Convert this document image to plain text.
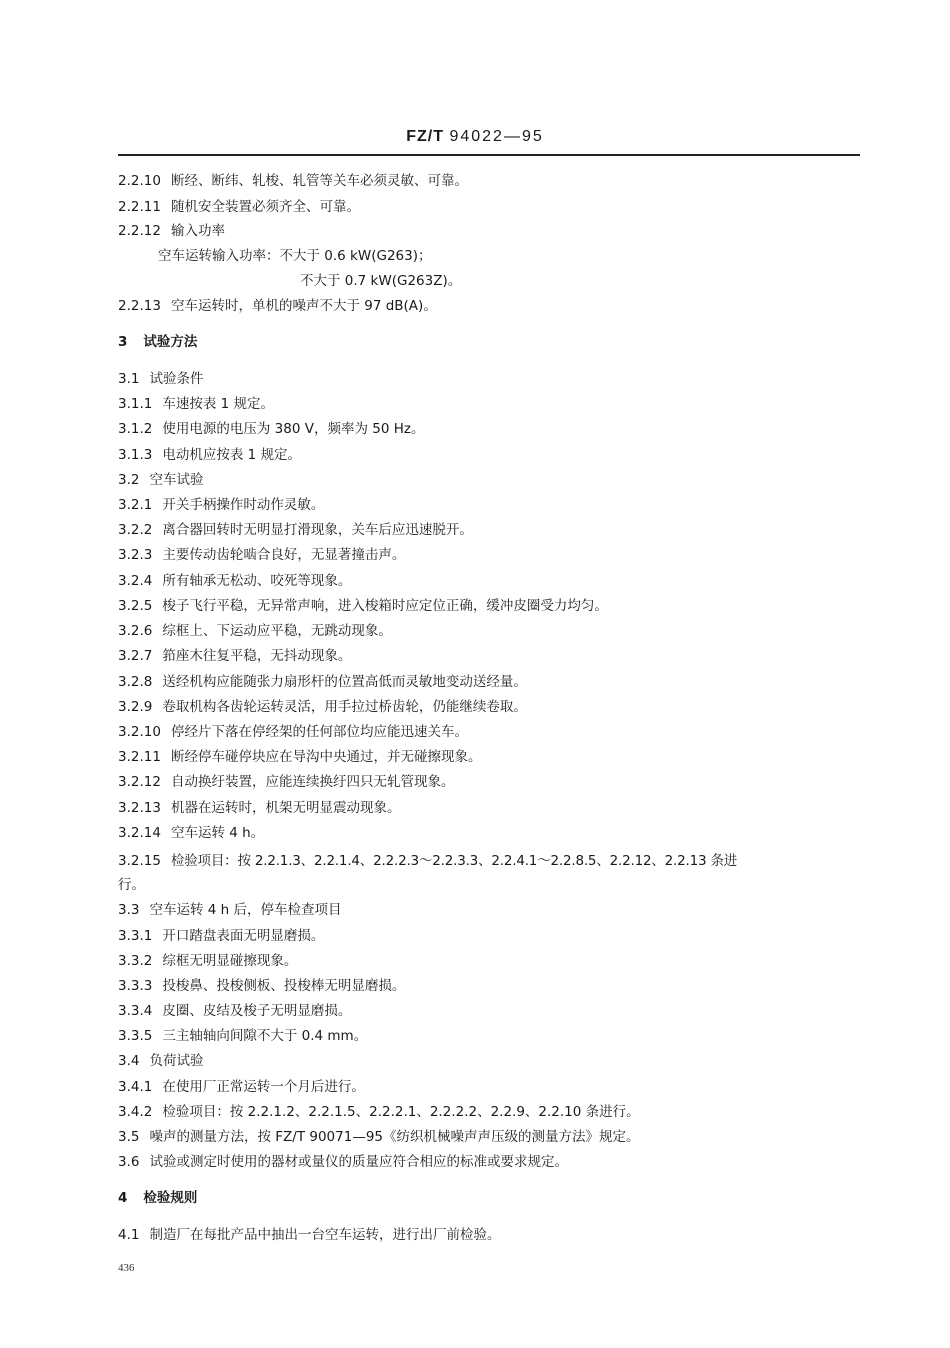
FZ/T 94022—95
2.2.10 断经、断纬、轧梭、轧管等关车必须灵敏、可靠。
2.2.11 随机安全装置必须齐全、可靠。
2.2.12 输入功率
空车运转输入功率：不大于 0.6 kW(G263)；
不大于 0.7 kW(G263Z)。
2.2.13 空车运转时，单机的噪声不大于 97 dB(A)。
3 试验方法
3.1 试验条件
3.1.1 车速按表 1 规定。
3.1.2 使用电源的电压为 380 V，频率为 50 Hz。
3.1.3 电动机应按表 1 规定。
3.2 空车试验
3.2.1 开关手柄操作时动作灵敏。
3.2.2 离合器回转时无明显打滑现象，关车后应迅速脱开。
3.2.3 主要传动齿轮啮合良好，无显著撞击声。
3.2.4 所有轴承无松动、咬死等现象。
3.2.5 梭子飞行平稳，无异常声响，进入梭箱时应定位正确，缓冲皮圈受力均匀。
3.2.6 综框上、下运动应平稳，无跳动现象。
3.2.7 筘座木往复平稳，无抖动现象。
3.2.8 送经机构应能随张力扇形杆的位置高低而灵敏地变动送经量。
3.2.9 卷取机构各齿轮运转灵活，用手拉过桥齿轮，仍能继续卷取。
3.2.10 停经片下落在停经架的任何部位均应能迅速关车。
3.2.11 断经停车碰停块应在导沟中央通过，并无碰擦现象。
3.2.12 自动换纡装置，应能连续换纡四只无轧管现象。
3.2.13 机器在运转时，机架无明显震动现象。
3.2.14 空车运转 4 h。
3.2.15 检验项目：按 2.2.1.3、2.2.1.4、2.2.2.3～2.2.3.3、2.2.4.1～2.2.8.5、2.2.12、2.2.13 条进
行。
3.3 空车运转 4 h 后，停车检查项目
3.3.1 开口踏盘表面无明显磨损。
3.3.2 综框无明显碰擦现象。
3.3.3 投梭鼻、投梭侧板、投梭棒无明显磨损。
3.3.4 皮圈、皮结及梭子无明显磨损。
3.3.5 三主轴轴向间隙不大于 0.4 mm。
3.4 负荷试验
3.4.1 在使用厂正常运转一个月后进行。
3.4.2 检验项目：按 2.2.1.2、2.2.1.5、2.2.2.1、2.2.2.2、2.2.9、2.2.10 条进行。
3.5 噪声的测量方法，按 FZ/T 90071—95《纺织机械噪声声压级的测量方法》规定。
3.6 试验或测定时使用的器材或量仪的质量应符合相应的标准或要求规定。
4 检验规则
4.1 制造厂在每批产品中抽出一台空车运转，进行出厂前检验。
436
